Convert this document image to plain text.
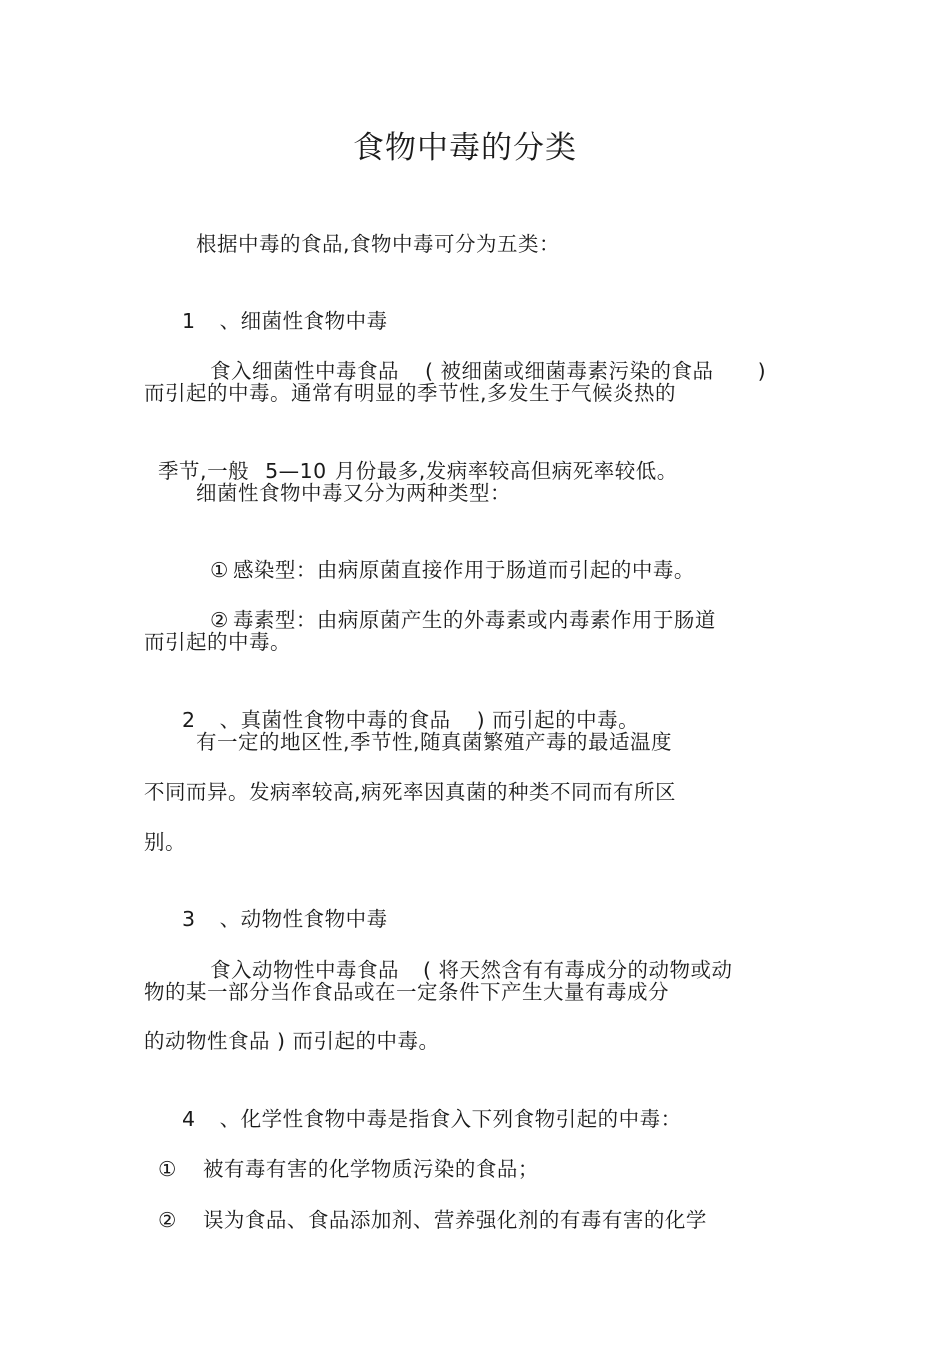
食物中毒的分类
根据中毒的食品,食物中毒可分为五类：

1 、细菌性食物中毒

食入细菌性中毒食品 ( 被细菌或细菌毒素污染的食品 )

而引起的中毒。通常有明显的季节性,多发生于气候炎热的

季节,一般 5—10 月份最多,发病率较高但病死率较低。

细菌性食物中毒又分为两种类型：

① 感染型：由病原菌直接作用于肠道而引起的中毒。

② 毒素型：由病原菌产生的外毒素或内毒素作用于肠道

而引起的中毒。

2 、真菌性食物中毒的食品 ) 而引起的中毒。

有一定的地区性,季节性,随真菌繁殖产毒的最适温度
不同而异。发病率较高,病死率因真菌的种类不同而有所区
别。

3 、动物性食物中毒

食入动物性中毒食品 ( 将天然含有有毒成分的动物或动

物的某一部分当作食品或在一定条件下产生大量有毒成分
的动物性食品 ) 而引起的中毒。

4 、化学性食物中毒是指食入下列食物引起的中毒：

① 被有毒有害的化学物质污染的食品；

② 误为食品、食品添加剂、营养强化剂的有毒有害的化学
